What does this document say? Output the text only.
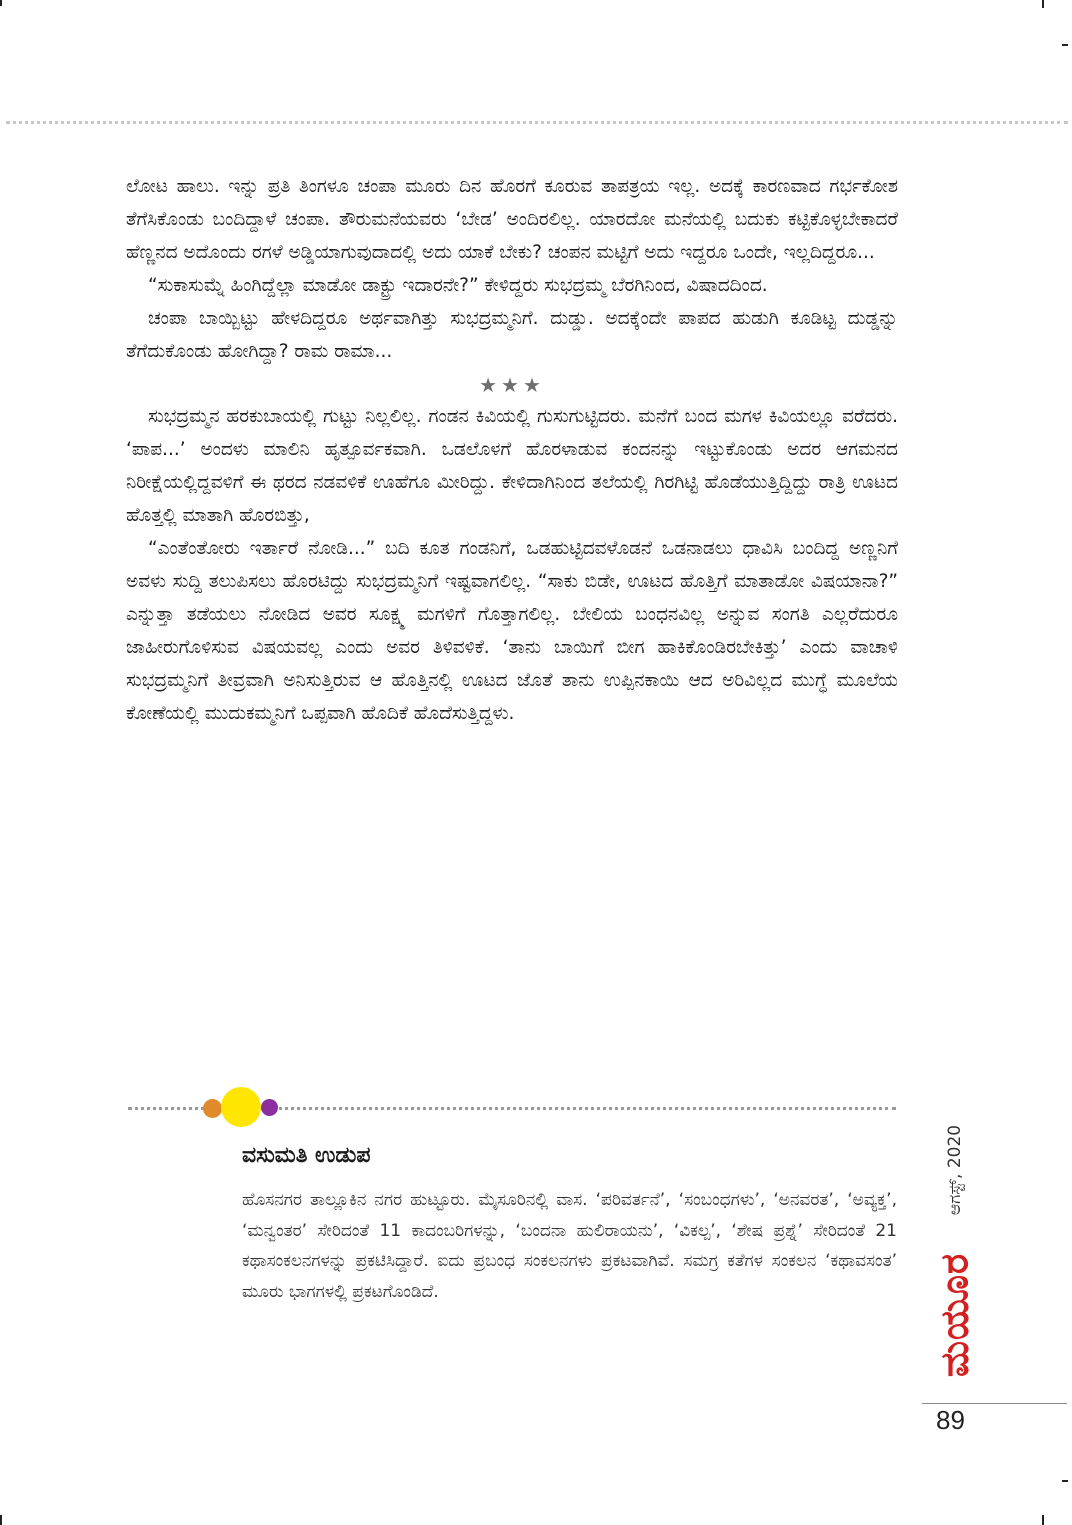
ಲೋಟ ಹಾಲು. ಇನ್ನು ಪ್ರತಿ ತಿಂಗಳೂ ಚಂಪಾ ಮೂರು ದಿನ ಹೊರಗೆ ಕೂರುವ ತಾಪತ್ರಯ ಇಲ್ಲ. ಅದಕ್ಕೆ ಕಾರಣವಾದ ಗರ್ಭಕೋಶ ತೆಗೆಸಿಕೊಂಡು ಬಂದಿದ್ದಾಳೆ ಚಂಪಾ. ತೌರುಮನೆಯವರು ‘ಬೇಡ’ ಅಂದಿರಲಿಲ್ಲ. ಯಾರದೋ ಮನೆಯಲ್ಲಿ ಬದುಕು ಕಟ್ಟಿಕೊಳ್ಳಬೇಕಾದರೆ ಹೆಣ್ಣನದ ಅದೊಂದು ರಗಳೆ ಅಡ್ಡಿಯಾಗುವುದಾದಲ್ಲಿ ಅದು ಯಾಕೆ ಬೇಕು? ಚಂಪನ ಮಟ್ಟಿಗೆ ಅದು ಇದ್ದರೂ ಒಂದೇ, ಇಲ್ಲದಿದ್ದರೂ...

“ಸುಕಾಸುಮ್ನೆ ಹಿಂಗಿದ್ದೆಲ್ಲಾ ಮಾಡೋ ಡಾಕ್ಟ್ರು ಇದಾರನೇ?” ಕೇಳಿದ್ದರು ಸುಭದ್ರಮ್ಮ ಬೆರಗಿನಿಂದ, ವಿಷಾದದಿಂದ.

ಚಂಪಾ ಬಾಯ್ಬಿಟ್ಟು ಹೇಳದಿದ್ದರೂ ಅರ್ಥವಾಗಿತ್ತು ಸುಭದ್ರಮ್ಮನಿಗೆ. ದುಡ್ಡು. ಅದಕ್ಕೆಂದೇ ಪಾಪದ ಹುಡುಗಿ ಕೂಡಿಟ್ಟ ದುಡ್ಡನ್ನು ತೆಗೆದುಕೊಂಡು ಹೋಗಿದ್ದಾ? ರಾಮ ರಾಮಾ...

★★★

ಸುಭದ್ರಮ್ಮನ ಹರಕುಬಾಯಲ್ಲಿ ಗುಟ್ಟು ನಿಲ್ಲಲಿಲ್ಲ. ಗಂಡನ ಕಿವಿಯಲ್ಲಿ ಗುಸುಗುಟ್ಟಿದರು. ಮನೆಗೆ ಬಂದ ಮಗಳ ಕಿವಿಯಲ್ಲೂ ವರೆದರು. ‘ಪಾಪ...’ ಅಂದಳು ಮಾಲಿನಿ ಹೃತ್ಪೂರ್ವಕವಾಗಿ. ಒಡಲೊಳಗೆ ಹೊರಳಾಡುವ ಕಂದನನ್ನು ಇಟ್ಟುಕೊಂಡು ಅದರ ಆಗಮನದ ನಿರೀಕ್ಷೆಯಲ್ಲಿದ್ದವಳಿಗೆ ಈ ಥರದ ನಡವಳಿಕೆ ಊಹೆಗೂ ಮೀರಿದ್ದು. ಕೇಳಿದಾಗಿನಿಂದ ತಲೆಯಲ್ಲಿ ಗಿರಗಿಟ್ಟಿ ಹೊಡೆಯುತ್ತಿದ್ದಿದ್ದು ರಾತ್ರಿ ಊಟದ ಹೊತ್ತಲ್ಲಿ ಮಾತಾಗಿ ಹೊರಬಿತ್ತು,

“ಎಂತೆಂತೋರು ಇರ್ತಾರೆ ನೋಡಿ...” ಬದಿ ಕೂತ ಗಂಡನಿಗೆ, ಒಡಹುಟ್ಟಿದವಳೊಡನೆ ಒಡನಾಡಲು ಧಾವಿಸಿ ಬಂದಿದ್ದ ಅಣ್ಣನಿಗೆ ಅವಳು ಸುದ್ದಿ ತಲುಪಿಸಲು ಹೊರಟಿದ್ದು ಸುಭದ್ರಮ್ಮನಿಗೆ ಇಷ್ಟವಾಗಲಿಲ್ಲ. “ಸಾಕು ಬಿಡೇ, ಊಟದ ಹೊತ್ತಿಗೆ ಮಾತಾಡೋ ವಿಷಯಾನಾ?” ಎನ್ನುತ್ತಾ ತಡೆಯಲು ನೋಡಿದ ಅವರ ಸೂಕ್ಷ್ಮ ಮಗಳಿಗೆ ಗೊತ್ತಾಗಲಿಲ್ಲ. ಬೇಲಿಯ ಬಂಧನವಿಲ್ಲ ಅನ್ನುವ ಸಂಗತಿ ಎಲ್ಲರೆದುರೂ ಜಾಹೀರುಗೊಳಿಸುವ ವಿಷಯವಲ್ಲ ಎಂದು ಅವರ ತಿಳಿವಳಿಕೆ. ‘ತಾನು ಬಾಯಿಗೆ ಬೀಗ ಹಾಕಿಕೊಂಡಿರಬೇಕಿತ್ತು’ ಎಂದು ವಾಚಾಳಿ ಸುಭದ್ರಮ್ಮನಿಗೆ ತೀವ್ರವಾಗಿ ಅನಿಸುತ್ತಿರುವ ಆ ಹೊತ್ತಿನಲ್ಲಿ ಊಟದ ಜೊತೆ ತಾನು ಉಪ್ಪಿನಕಾಯಿ ಆದ ಅರಿವಿಲ್ಲದ ಮುಗ್ಧೆ ಮೂಲೆಯ ಕೋಣೆಯಲ್ಲಿ ಮುದುಕಮ್ಮನಿಗೆ ಒಪ್ಪವಾಗಿ ಹೊದಿಕೆ ಹೊದೆಸುತ್ತಿದ್ದಳು.

ವಸುಮತಿ ಉಡುಪ
ಹೊಸನಗರ ತಾಲ್ಲೂಕಿನ ನಗರ ಹುಟ್ಟೂರು. ಮೈಸೂರಿನಲ್ಲಿ ವಾಸ. ‘ಪರಿವರ್ತನೆ’, ‘ಸಂಬಂಧಗಳು’, ‘ಅನವರತ’, ‘ಅವ್ಯಕ್ತ’, ‘ಮನ್ವಂತರ’ ಸೇರಿದಂತೆ 11 ಕಾದಂಬರಿಗಳನ್ನು, ‘ಬಂದನಾ ಹುಲಿರಾಯನು’, ‘ವಿಕಲ್ಪ’, ‘ಶೇಷ ಪ್ರಶ್ನೆ’ ಸೇರಿದಂತೆ 21 ಕಥಾಸಂಕಲನಗಳನ್ನು ಪ್ರಕಟಿಸಿದ್ದಾರೆ. ಐದು ಪ್ರಬಂಧ ಸಂಕಲನಗಳು ಪ್ರಕಟವಾಗಿವೆ. ಸಮಗ್ರ ಕತೆಗಳ ಸಂಕಲನ ‘ಕಥಾವಸಂತ’ ಮೂರು ಭಾಗಗಳಲ್ಲಿ ಪ್ರಕಟಗೊಂಡಿದೆ.
ಆಗಸ್ಟ್, 2020
ಮಯೂರ
89
